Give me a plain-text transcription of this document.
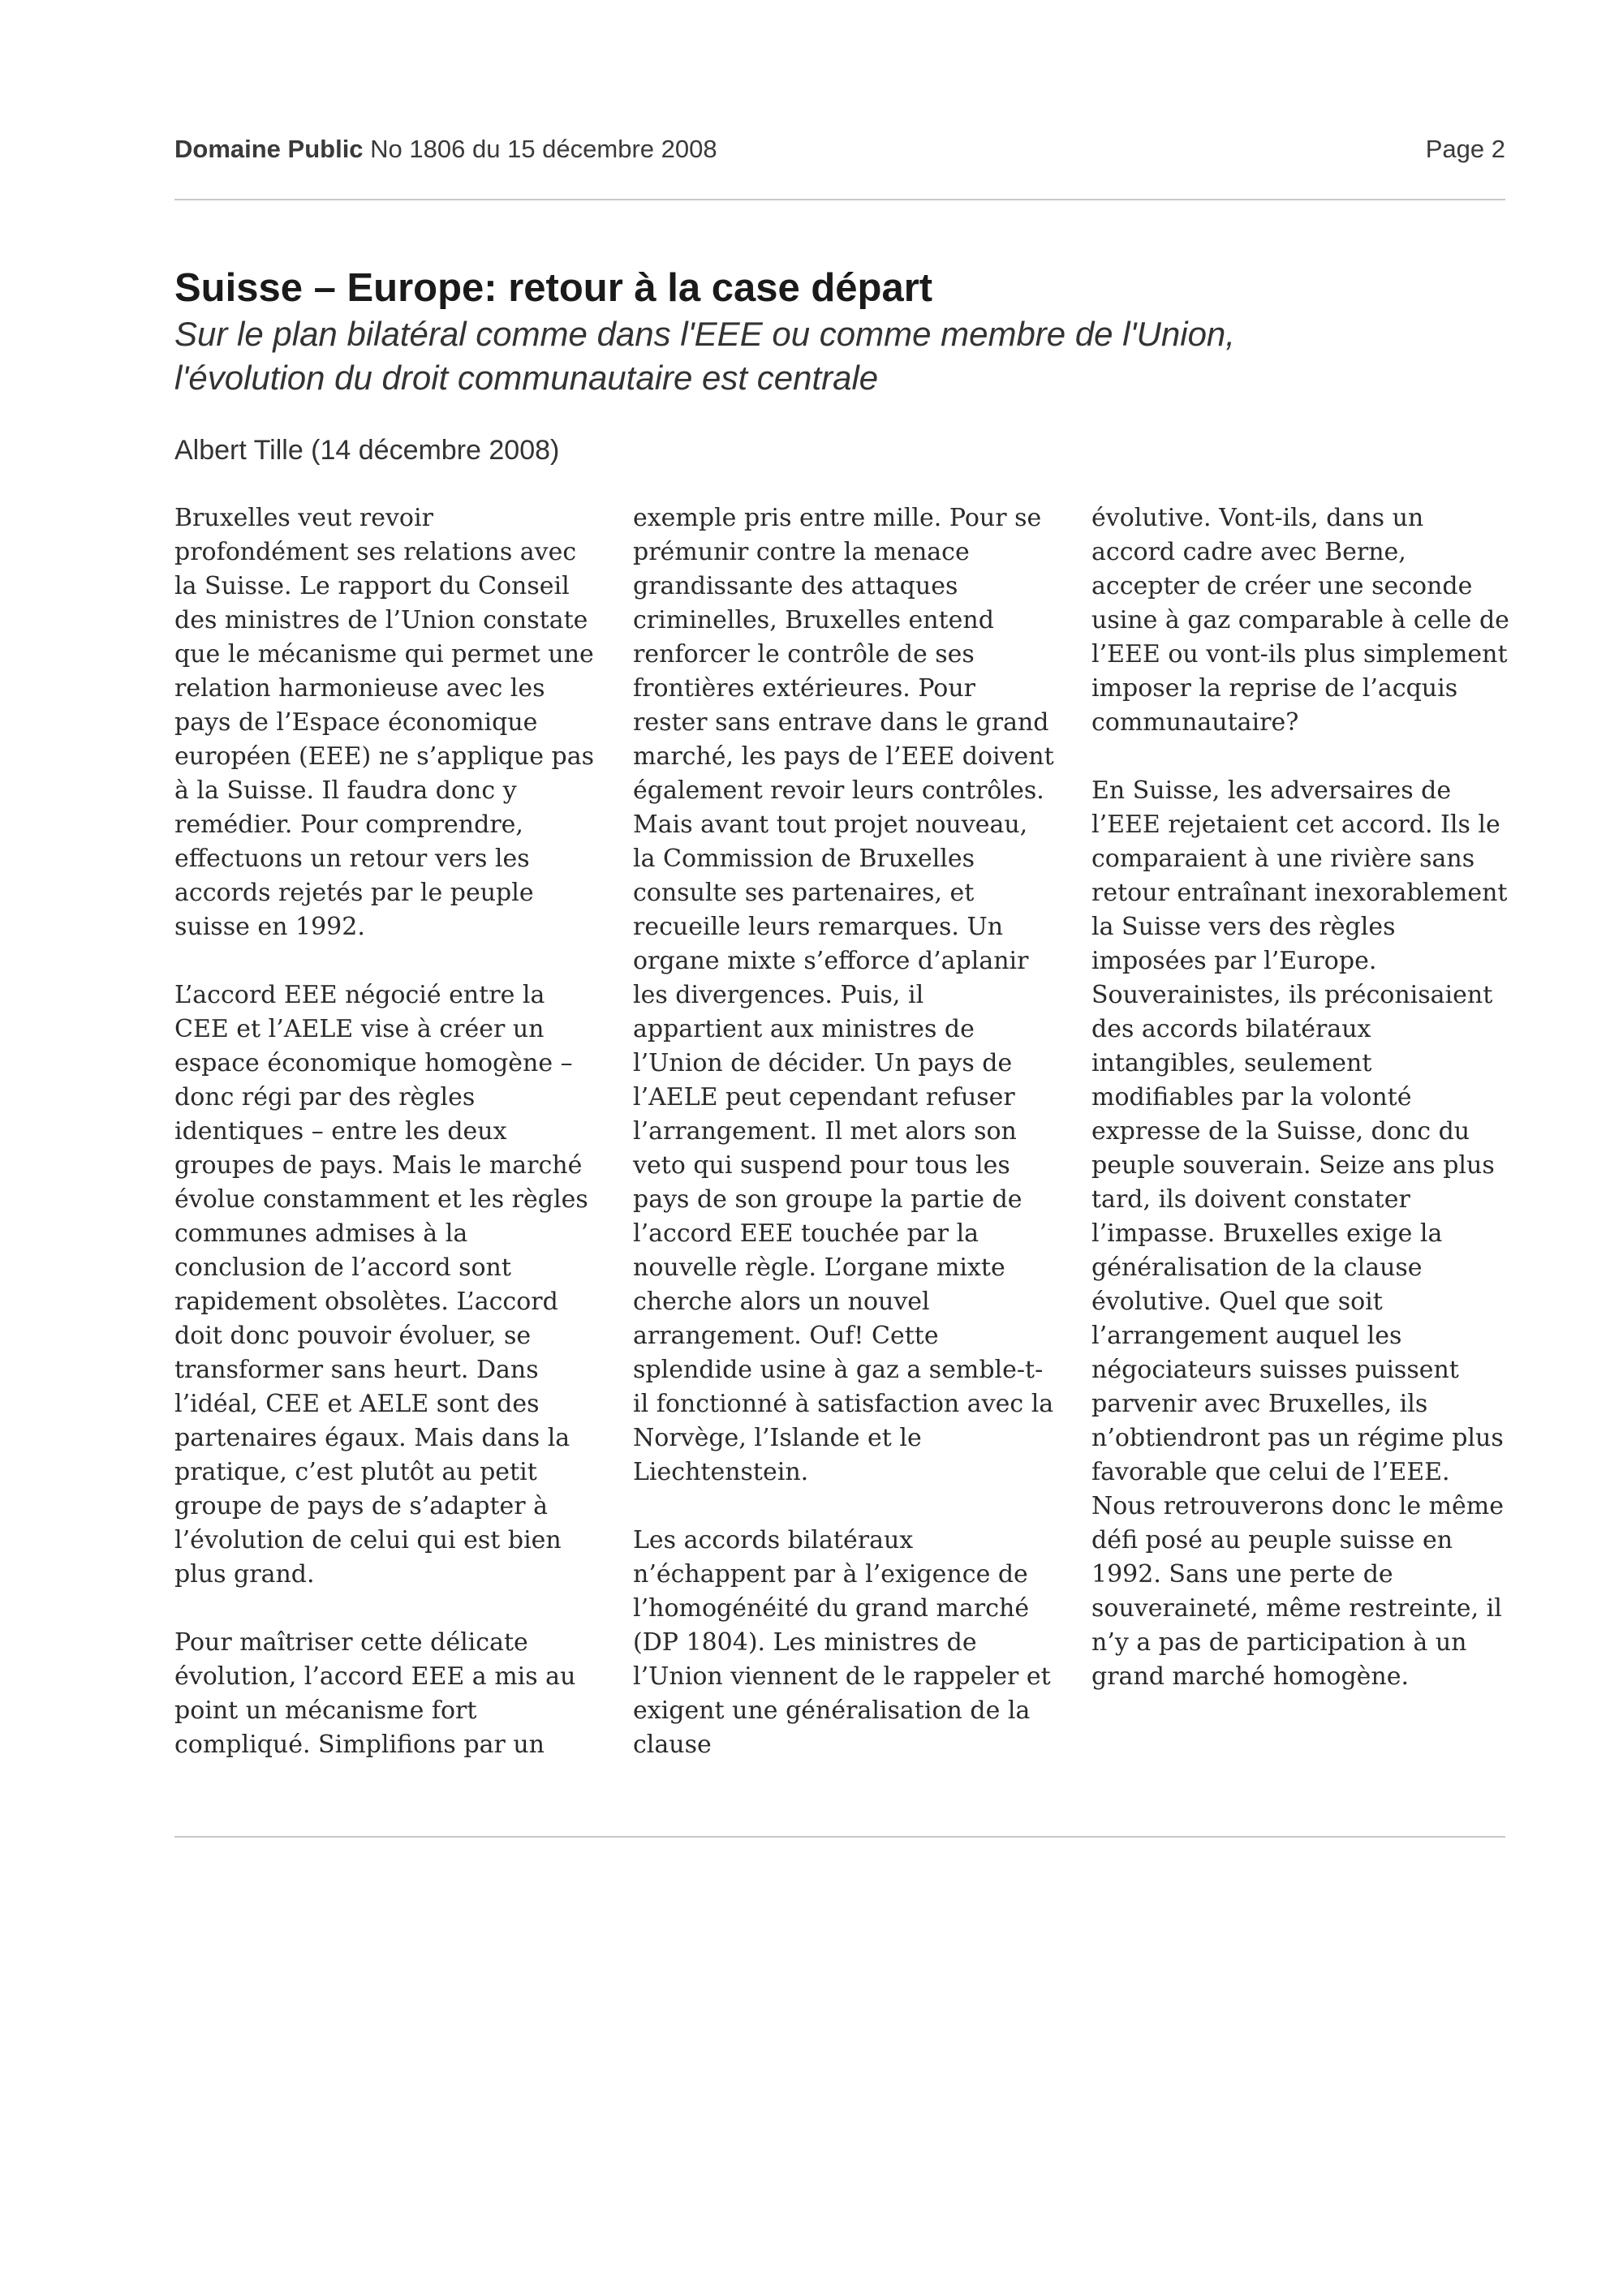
Domaine Public No 1806 du 15 décembre 2008	Page 2
Suisse – Europe: retour à la case départ
Sur le plan bilatéral comme dans l'EEE ou comme membre de l'Union,
l'évolution du droit communautaire est centrale
Albert Tille (14 décembre 2008)

Bruxelles veut revoir profondément ses relations avec la Suisse. Le rapport du Conseil des ministres de l’Union constate que le mécanisme qui permet une relation harmonieuse avec les pays de l’Espace économique européen (EEE) ne s’applique pas à la Suisse. Il faudra donc y remédier. Pour comprendre, effectuons un retour vers les accords rejetés par le peuple suisse en 1992.

L’accord EEE négocié entre la CEE et l’AELE vise à créer un espace économique homogène – donc régi par des règles identiques – entre les deux groupes de pays. Mais le marché évolue constamment et les règles communes admises à la conclusion de l’accord sont rapidement obsolètes. L’accord doit donc pouvoir évoluer, se transformer sans heurt. Dans l’idéal, CEE et AELE sont des partenaires égaux. Mais dans la pratique, c’est plutôt au petit groupe de pays de s’adapter à l’évolution de celui qui est bien plus grand.

Pour maîtriser cette délicate évolution, l’accord EEE a mis au point un mécanisme fort compliqué. Simplifions par un

exemple pris entre mille. Pour se prémunir contre la menace grandissante des attaques criminelles, Bruxelles entend renforcer le contrôle de ses frontières extérieures. Pour rester sans entrave dans le grand marché, les pays de l’EEE doivent également revoir leurs contrôles. Mais avant tout projet nouveau, la Commission de Bruxelles consulte ses partenaires, et recueille leurs remarques. Un organe mixte s’efforce d’aplanir les divergences. Puis, il appartient aux ministres de l’Union de décider. Un pays de l’AELE peut cependant refuser l’arrangement. Il met alors son veto qui suspend pour tous les pays de son groupe la partie de l’accord EEE touchée par la nouvelle règle. L’organe mixte cherche alors un nouvel arrangement. Ouf! Cette splendide usine à gaz a semble-t-il fonctionné à satisfaction avec la Norvège, l’Islande et le Liechtenstein.

Les accords bilatéraux n’échappent par à l’exigence de l’homogénéité du grand marché (DP 1804). Les ministres de l’Union viennent de le rappeler et exigent une généralisation de la clause

évolutive. Vont-ils, dans un accord cadre avec Berne, accepter de créer une seconde usine à gaz comparable à celle de l’EEE ou vont-ils plus simplement imposer la reprise de l’acquis communautaire?

En Suisse, les adversaires de l’EEE rejetaient cet accord. Ils le comparaient à une rivière sans retour entraînant inexorablement la Suisse vers des règles imposées par l’Europe. Souverainistes, ils préconisaient des accords bilatéraux intangibles, seulement modifiables par la volonté expresse de la Suisse, donc du peuple souverain. Seize ans plus tard, ils doivent constater l’impasse. Bruxelles exige la généralisation de la clause évolutive. Quel que soit l’arrangement auquel les négociateurs suisses puissent parvenir avec Bruxelles, ils n’obtiendront pas un régime plus favorable que celui de l’EEE. Nous retrouverons donc le même défi posé au peuple suisse en 1992. Sans une perte de souveraineté, même restreinte, il n’y a pas de participation à un grand marché homogène.
